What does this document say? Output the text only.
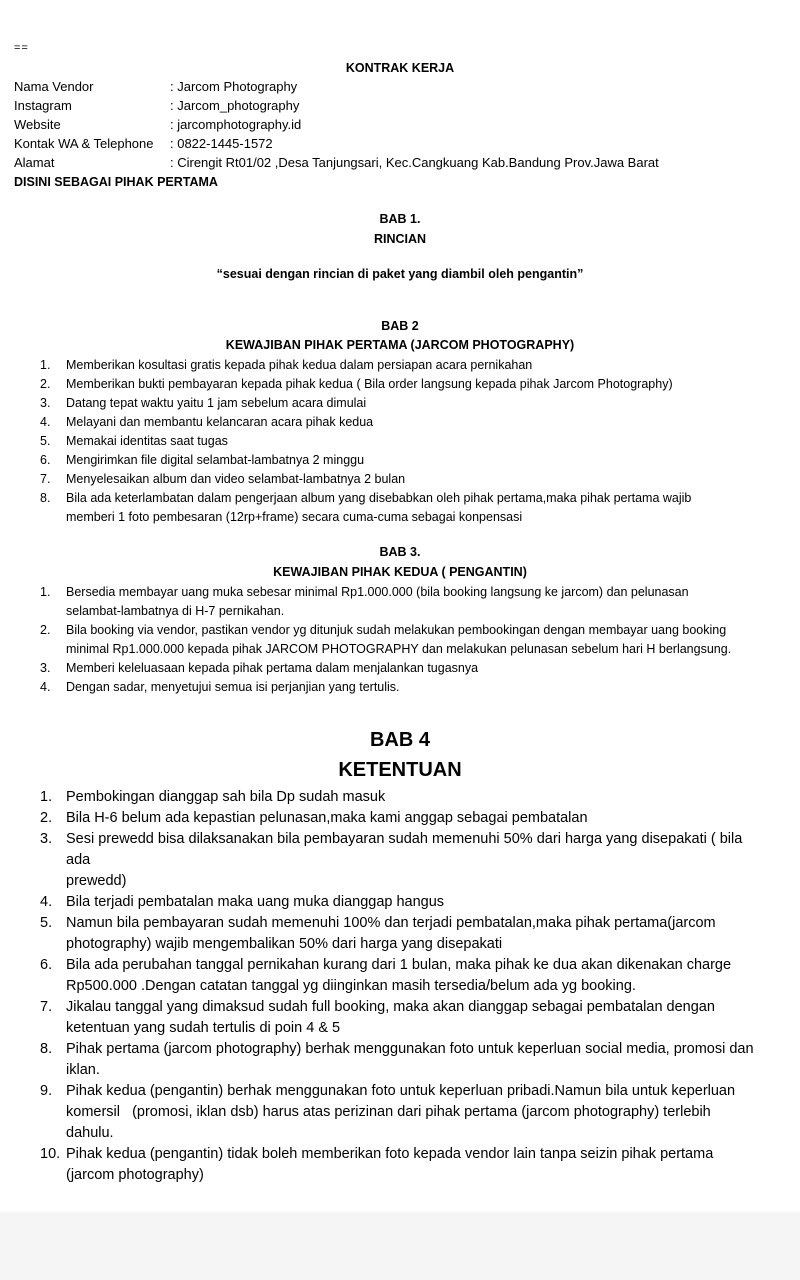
==
KONTRAK KERJA
Nama Vendor	: Jarcom Photography
Instagram	: Jarcom_photography
Website	: jarcomphotography.id
Kontak WA & Telephone : 0822-1445-1572
Alamat	: Cirengit Rt01/02 ,Desa Tanjungsari, Kec.Cangkuang Kab.Bandung Prov.Jawa Barat
DISINI SEBAGAI PIHAK PERTAMA
BAB 1.
RINCIAN
“sesuai dengan rincian di paket yang diambil oleh pengantin”
BAB 2
KEWAJIBAN PIHAK PERTAMA (JARCOM PHOTOGRAPHY)
1. Memberikan kosultasi gratis kepada pihak kedua dalam persiapan acara pernikahan
2. Memberikan bukti pembayaran kepada pihak kedua ( Bila order langsung kepada pihak Jarcom Photography)
3. Datang tepat waktu yaitu 1 jam sebelum acara dimulai
4. Melayani dan membantu kelancaran acara pihak kedua
5. Memakai identitas saat tugas
6. Mengirimkan file digital selambat-lambatnya 2 minggu
7. Menyelesaikan album dan video selambat-lambatnya 2 bulan
8. Bila ada keterlambatan dalam pengerjaan album yang disebabkan oleh pihak pertama,maka pihak pertama wajib
memberi 1 foto pembesaran (12rp+frame) secara cuma-cuma sebagai konpensasi
BAB 3.
KEWAJIBAN PIHAK KEDUA ( PENGANTIN)
1. Bersedia membayar uang muka sebesar minimal Rp1.000.000 (bila booking langsung ke jarcom) dan pelunasan
selambat-lambatnya di H-7 pernikahan.
2. Bila booking via vendor, pastikan vendor yg ditunjuk sudah melakukan pembookingan dengan membayar uang booking
minimal Rp1.000.000 kepada pihak JARCOM PHOTOGRAPHY dan melakukan pelunasan sebelum hari H berlangsung.
3. Memberi keleluasaan kepada pihak pertama dalam menjalankan tugasnya
4. Dengan sadar, menyetujui semua isi perjanjian yang tertulis.
BAB 4
KETENTUAN
1. Pembokingan dianggap sah bila Dp sudah masuk
2. Bila H-6 belum ada kepastian pelunasan,maka kami anggap sebagai pembatalan
3. Sesi prewedd bisa dilaksanakan bila pembayaran sudah memenuhi 50% dari harga yang disepakati ( bila ada
prewedd)
4. Bila terjadi pembatalan maka uang muka dianggap hangus
5. Namun bila pembayaran sudah memenuhi 100% dan terjadi pembatalan,maka pihak pertama(jarcom
photography) wajib mengembalikan 50% dari harga yang disepakati
6. Bila ada perubahan tanggal pernikahan kurang dari 1 bulan, maka pihak ke dua akan dikenakan charge
Rp500.000 .Dengan catatan tanggal yg diinginkan masih tersedia/belum ada yg booking.
7. Jikalau tanggal yang dimaksud sudah full booking, maka akan dianggap sebagai pembatalan dengan
ketentuan yang sudah tertulis di poin 4 & 5
8. Pihak pertama (jarcom photography) berhak menggunakan foto untuk keperluan social media, promosi dan
iklan.
9. Pihak kedua (pengantin) berhak menggunakan foto untuk keperluan pribadi.Namun bila untuk keperluan
komersil   (promosi, iklan dsb) harus atas perizinan dari pihak pertama (jarcom photography) terlebih
dahulu.
10. Pihak kedua (pengantin) tidak boleh memberikan foto kepada vendor lain tanpa seizin pihak pertama
(jarcom photography)
